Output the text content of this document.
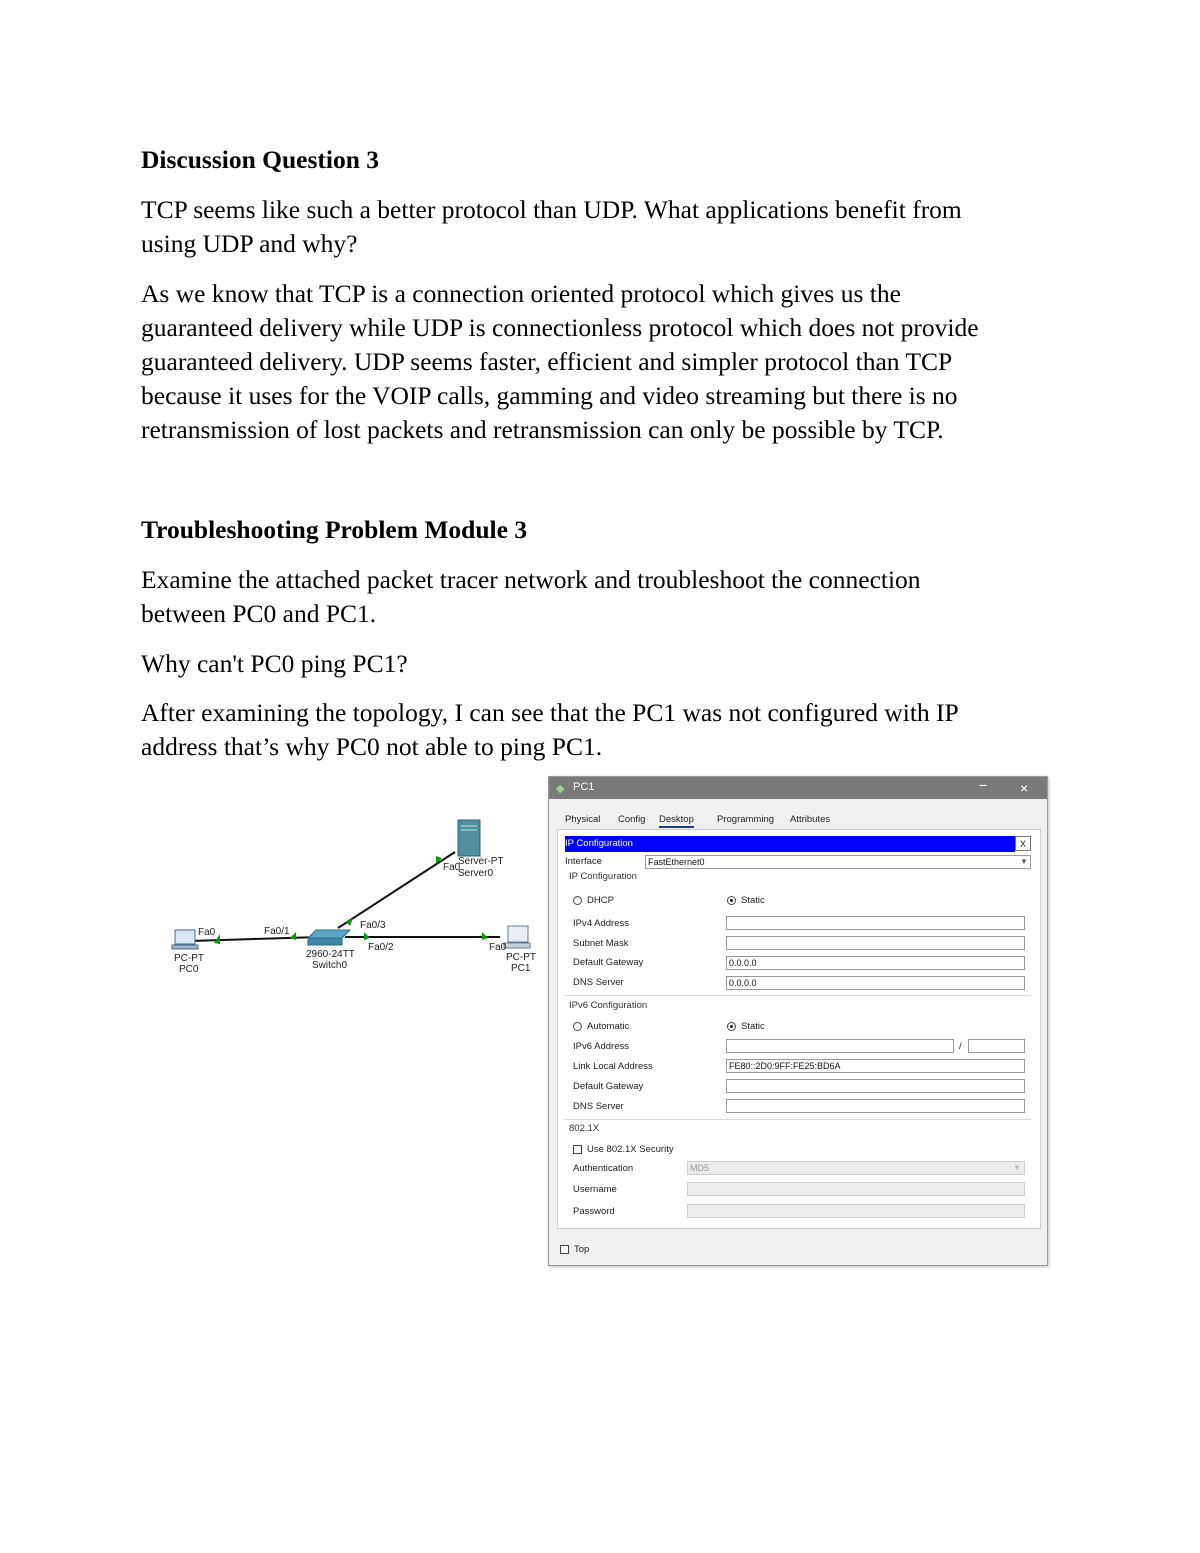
Discussion Question 3
TCP seems like such a better protocol than UDP. What applications benefit from
using UDP and why?
As we know that TCP is a connection oriented protocol which gives us the
guaranteed delivery while UDP is connectionless protocol which does not provide
guaranteed delivery. UDP seems faster, efficient and simpler protocol than TCP
because it uses for the VOIP calls, gamming and video streaming but there is no
retransmission of lost packets and retransmission can only be possible by TCP.
Troubleshooting Problem Module 3
Examine the attached packet tracer network and troubleshoot the connection
between PC0 and PC1.
Why can't PC0 ping PC1?
After examining the topology, I can see that the PC1 was not configured with IP
address that’s why PC0 not able to ping PC1.
Fa0
Server-PT
Server0
2960-24TT
Switch0
Fa0/1
Fa0/2
Fa0/3
Fa0
PC-PT
PC0
Fa0
PC-PT
PC1
◆ PC1	− ×
Physical Config Desktop Programming Attributes
IP Configuration	X
Interface	FastEthernet0	▼
IP Configuration
DHCP	Static
IPv4 Address
Subnet Mask
Default Gateway	0.0.0.0
DNS Server	0.0.0.0
IPv6 Configuration
Automatic	Static
IPv6 Address	/
Link Local Address	FE80::2D0:9FF:FE25:BD6A
Default Gateway
DNS Server
802.1X
Use 802.1X Security
Authentication	MD5	▼
Username
Password
Top
